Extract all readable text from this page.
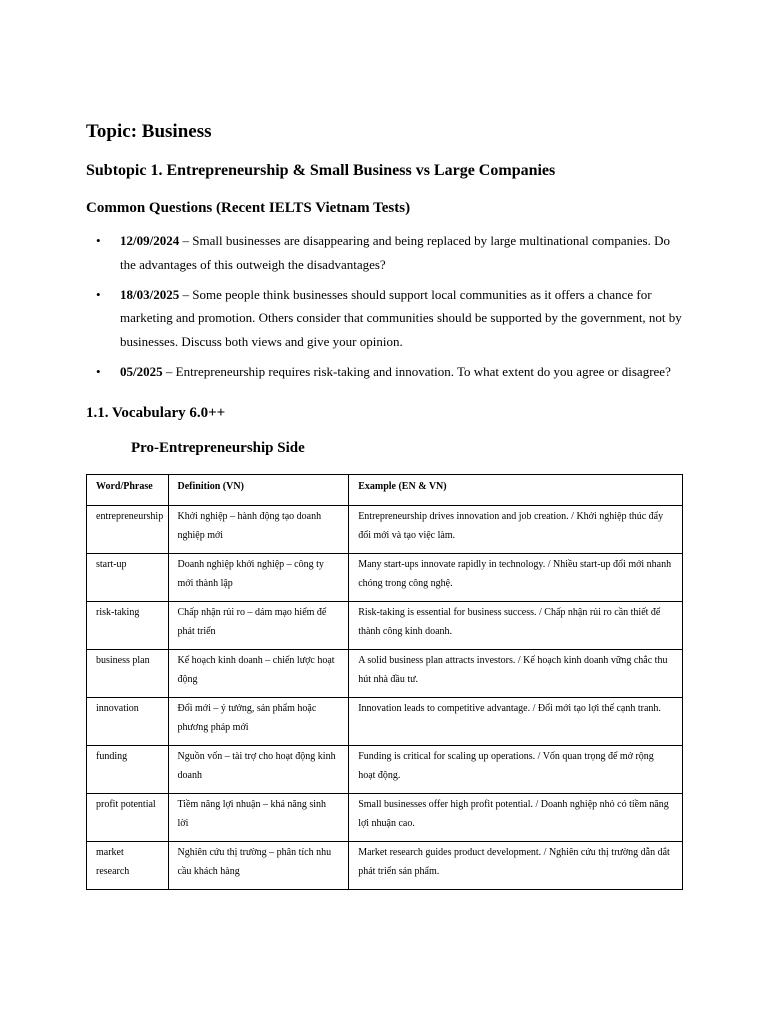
Topic: Business
Subtopic 1. Entrepreneurship & Small Business vs Large Companies
Common Questions (Recent IELTS Vietnam Tests)
• 12/09/2024 – Small businesses are disappearing and being replaced by large multinational companies. Do the advantages of this outweigh the disadvantages?
• 18/03/2025 – Some people think businesses should support local communities as it offers a chance for marketing and promotion. Others consider that communities should be supported by the government, not by businesses. Discuss both views and give your opinion.
• 05/2025 – Entrepreneurship requires risk-taking and innovation. To what extent do you agree or disagree?
1.1. Vocabulary 6.0++
Pro-Entrepreneurship Side
Word/Phrase	Definition (VN)	Example (EN & VN)
entrepreneurship	Khởi nghiệp – hành động tạo doanh nghiệp mới	Entrepreneurship drives innovation and job creation. / Khởi nghiệp thúc đẩy đổi mới và tạo việc làm.
start-up	Doanh nghiệp khởi nghiệp – công ty mới thành lập	Many start-ups innovate rapidly in technology. / Nhiều start-up đổi mới nhanh chóng trong công nghệ.
risk-taking	Chấp nhận rủi ro – dám mạo hiểm để phát triển	Risk-taking is essential for business success. / Chấp nhận rủi ro cần thiết để thành công kinh doanh.
business plan	Kế hoạch kinh doanh – chiến lược hoạt động	A solid business plan attracts investors. / Kế hoạch kinh doanh vững chắc thu hút nhà đầu tư.
innovation	Đổi mới – ý tưởng, sản phẩm hoặc phương pháp mới	Innovation leads to competitive advantage. / Đổi mới tạo lợi thế cạnh tranh.
funding	Nguồn vốn – tài trợ cho hoạt động kinh doanh	Funding is critical for scaling up operations. / Vốn quan trọng để mở rộng hoạt động.
profit potential	Tiềm năng lợi nhuận – khả năng sinh lời	Small businesses offer high profit potential. / Doanh nghiệp nhỏ có tiềm năng lợi nhuận cao.
market research	Nghiên cứu thị trường – phân tích nhu cầu khách hàng	Market research guides product development. / Nghiên cứu thị trường dẫn dắt phát triển sản phẩm.
